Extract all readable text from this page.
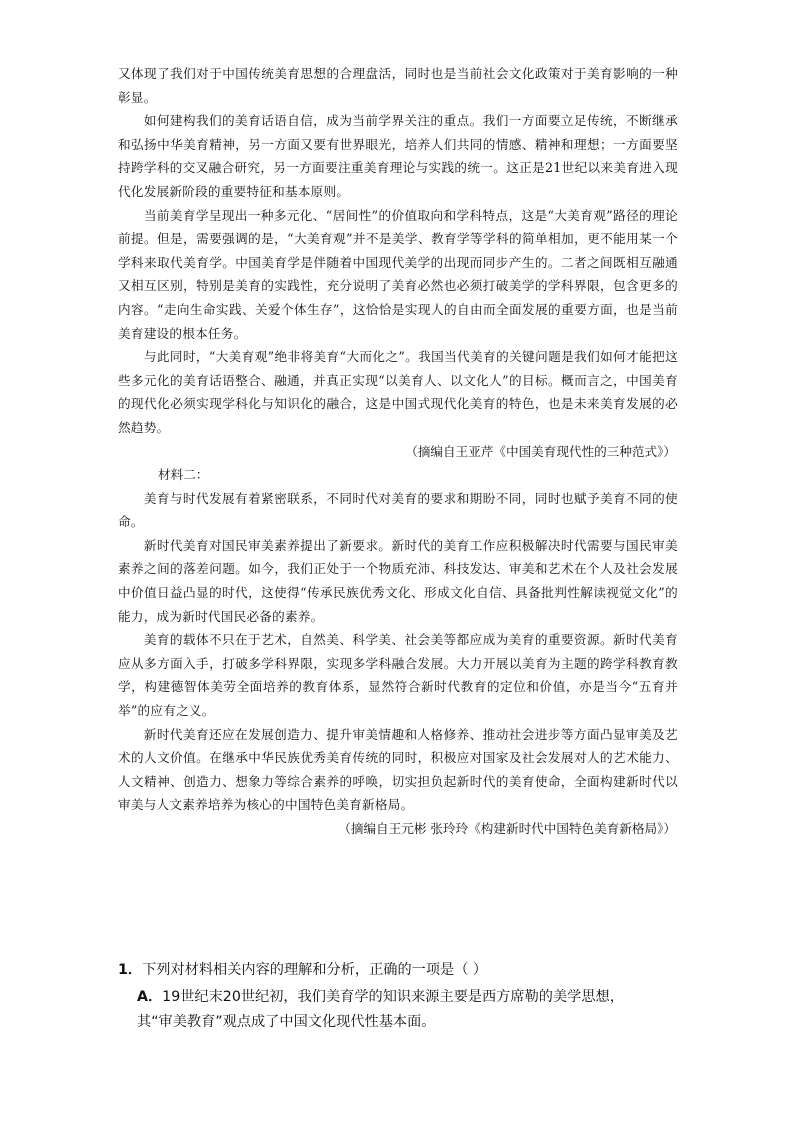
又体现了我们对于中国传统美育思想的合理盘活，同时也是当前社会文化政策对于美育影响的一种彰显。

如何建构我们的美育话语自信，成为当前学界关注的重点。我们一方面要立足传统，不断继承和弘扬中华美育精神，另一方面又要有世界眼光，培养人们共同的情感、精神和理想；一方面要坚持跨学科的交叉融合研究，另一方面要注重美育理论与实践的统一。这正是21世纪以来美育进入现代化发展新阶段的重要特征和基本原则。

当前美育学呈现出一种多元化、“居间性”的价值取向和学科特点，这是“大美育观”路径的理论前提。但是，需要强调的是，“大美育观”并不是美学、教育学等学科的简单相加，更不能用某一个学科来取代美育学。中国美育学是伴随着中国现代美学的出现而同步产生的。二者之间既相互融通又相互区别，特别是美育的实践性，充分说明了美育必然也必须打破美学的学科界限，包含更多的内容。“走向生命实践、关爱个体生存”，这恰恰是实现人的自由而全面发展的重要方面，也是当前美育建设的根本任务。

与此同时，“大美育观”绝非将美育“大而化之”。我国当代美育的关键问题是我们如何才能把这些多元化的美育话语整合、融通，并真正实现“以美育人、以文化人”的目标。概而言之，中国美育的现代化必须实现学科化与知识化的融合，这是中国式现代化美育的特色，也是未来美育发展的必然趋势。

（摘编自王亚芹《中国美育现代性的三种范式》）

材料二：

美育与时代发展有着紧密联系，不同时代对美育的要求和期盼不同，同时也赋予美育不同的使命。

新时代美育对国民审美素养提出了新要求。新时代的美育工作应积极解决时代需要与国民审美素养之间的落差问题。如今，我们正处于一个物质充沛、科技发达、审美和艺术在个人及社会发展中价值日益凸显的时代，这使得“传承民族优秀文化、形成文化自信、具备批判性解读视觉文化”的能力，成为新时代国民必备的素养。

美育的载体不只在于艺术，自然美、科学美、社会美等都应成为美育的重要资源。新时代美育应从多方面入手，打破多学科界限，实现多学科融合发展。大力开展以美育为主题的跨学科教育教学，构建德智体美劳全面培养的教育体系，显然符合新时代教育的定位和价值，亦是当今“五育并举”的应有之义。

新时代美育还应在发展创造力、提升审美情趣和人格修养、推动社会进步等方面凸显审美及艺术的人文价值。在继承中华民族优秀美育传统的同时，积极应对国家及社会发展对人的艺术能力、人文精神、创造力、想象力等综合素养的呼唤，切实担负起新时代的美育使命，全面构建新时代以审美与人文素养培养为核心的中国特色美育新格局。

（摘编自王元彬 张玲玲《构建新时代中国特色美育新格局》）

1．下列对材料相关内容的理解和分析，正确的一项是（ ）

A．19世纪末20世纪初，我们美育学的知识来源主要是西方席勒的美学思想，
其“审美教育”观点成了中国文化现代性基本面。
